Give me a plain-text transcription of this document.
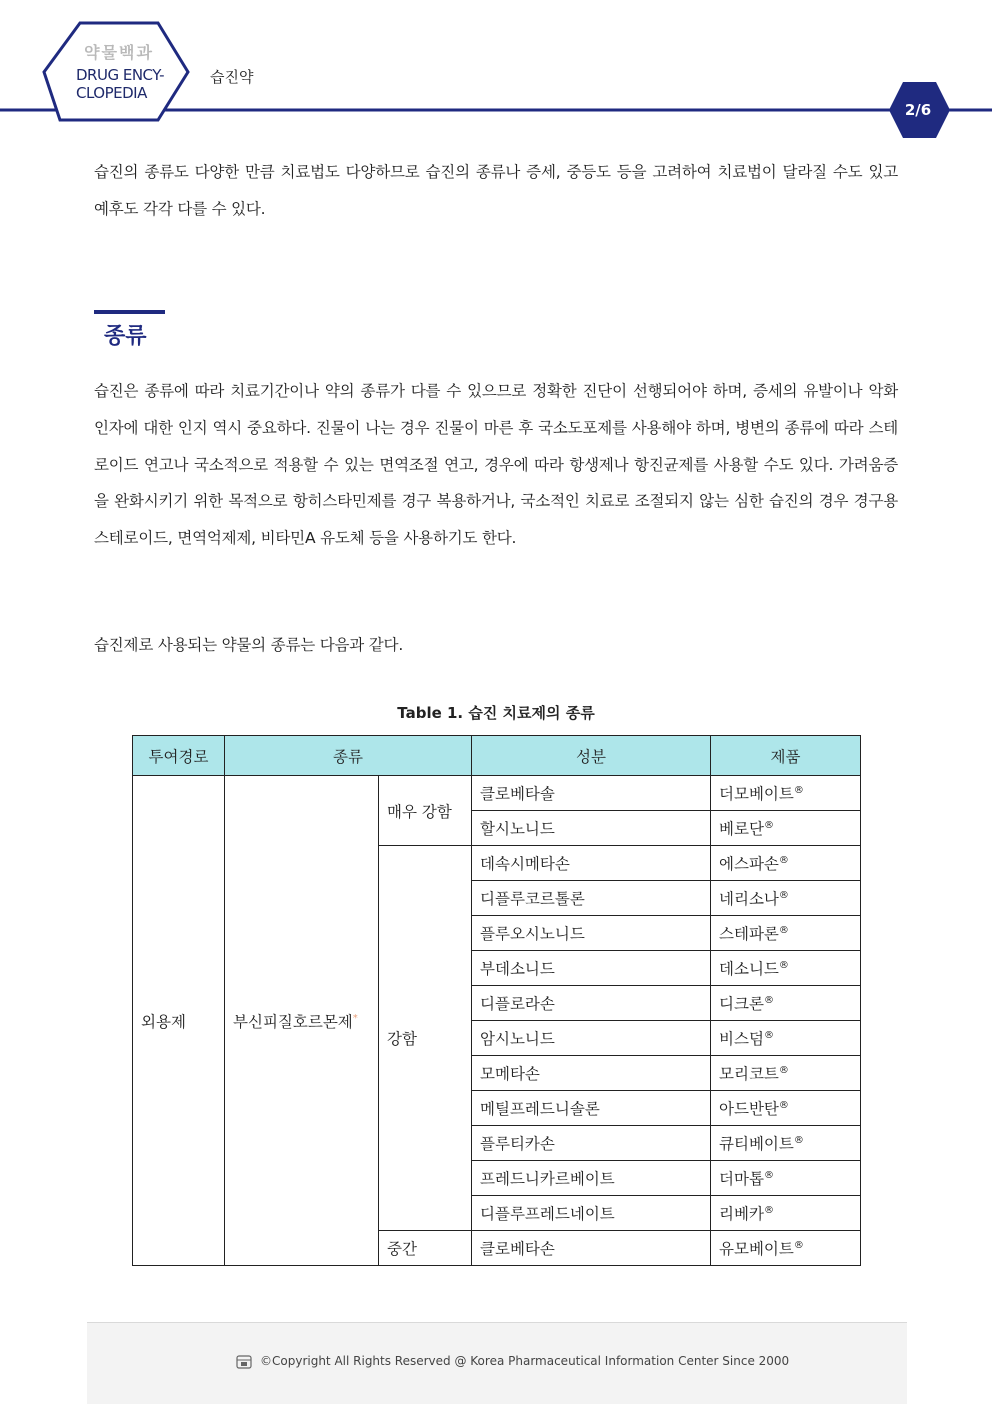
약물백과
DRUG ENCY-
CLOPEDIA
습진약
2/6
습진의 종류도 다양한 만큼 치료법도 다양하므로 습진의 종류나 증세, 중등도 등을 고려하여 치료법이 달라질 수도 있고 예후도 각각 다를 수 있다.
종류
습진은 종류에 따라 치료기간이나 약의 종류가 다를 수 있으므로 정확한 진단이 선행되어야 하며, 증세의 유발이나 악화 인자에 대한 인지 역시 중요하다. 진물이 나는 경우 진물이 마른 후 국소도포제를 사용해야 하며, 병변의 종류에 따라 스테로이드 연고나 국소적으로 적용할 수 있는 면역조절 연고, 경우에 따라 항생제나 항진균제를 사용할 수도 있다. 가려움증을 완화시키기 위한 목적으로 항히스타민제를 경구 복용하거나, 국소적인 치료로 조절되지 않는 심한 습진의 경우 경구용 스테로이드, 면역억제제, 비타민A 유도체 등을 사용하기도 한다.
습진제로 사용되는 약물의 종류는 다음과 같다.
Table 1. 습진 치료제의 종류
투여경로	종류		성분	제품
외용제	부신피질호르몬제*	매우 강함	클로베타솔	더모베이트®
			할시노니드	베로단®
		강함	데속시메타손	에스파손®
			디플루코르톨론	네리소나®
			플루오시노니드	스테파론®
			부데소니드	데소니드®
			디플로라손	디크론®
			암시노니드	비스덤®
			모메타손	모리코트®
			메틸프레드니솔론	아드반탄®
			플루티카손	큐티베이트®
			프레드니카르베이트	더마톱®
			디플루프레드네이트	리베카®
		중간	클로베타손	유모베이트®
©Copyright All Rights Reserved @ Korea Pharmaceutical Information Center Since 2000
